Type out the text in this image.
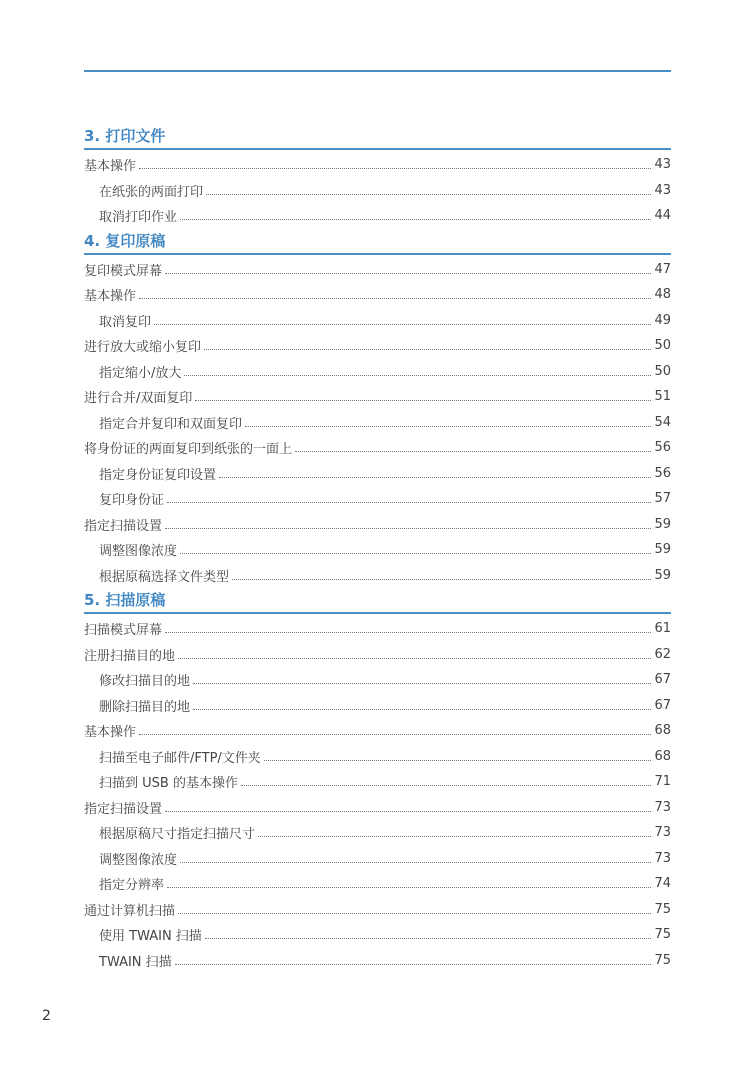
3. 打印文件
基本操作	43
在纸张的两面打印	43
取消打印作业	44
4. 复印原稿
复印模式屏幕	47
基本操作	48
取消复印	49
进行放大或缩小复印	50
指定缩小/放大	50
进行合并/双面复印	51
指定合并复印和双面复印	54
将身份证的两面复印到纸张的一面上	56
指定身份证复印设置	56
复印身份证	57
指定扫描设置	59
调整图像浓度	59
根据原稿选择文件类型	59
5. 扫描原稿
扫描模式屏幕	61
注册扫描目的地	62
修改扫描目的地	67
删除扫描目的地	67
基本操作	68
扫描至电子邮件/FTP/文件夹	68
扫描到 USB 的基本操作	71
指定扫描设置	73
根据原稿尺寸指定扫描尺寸	73
调整图像浓度	73
指定分辨率	74
通过计算机扫描	75
使用 TWAIN 扫描	75
TWAIN 扫描	75
2
